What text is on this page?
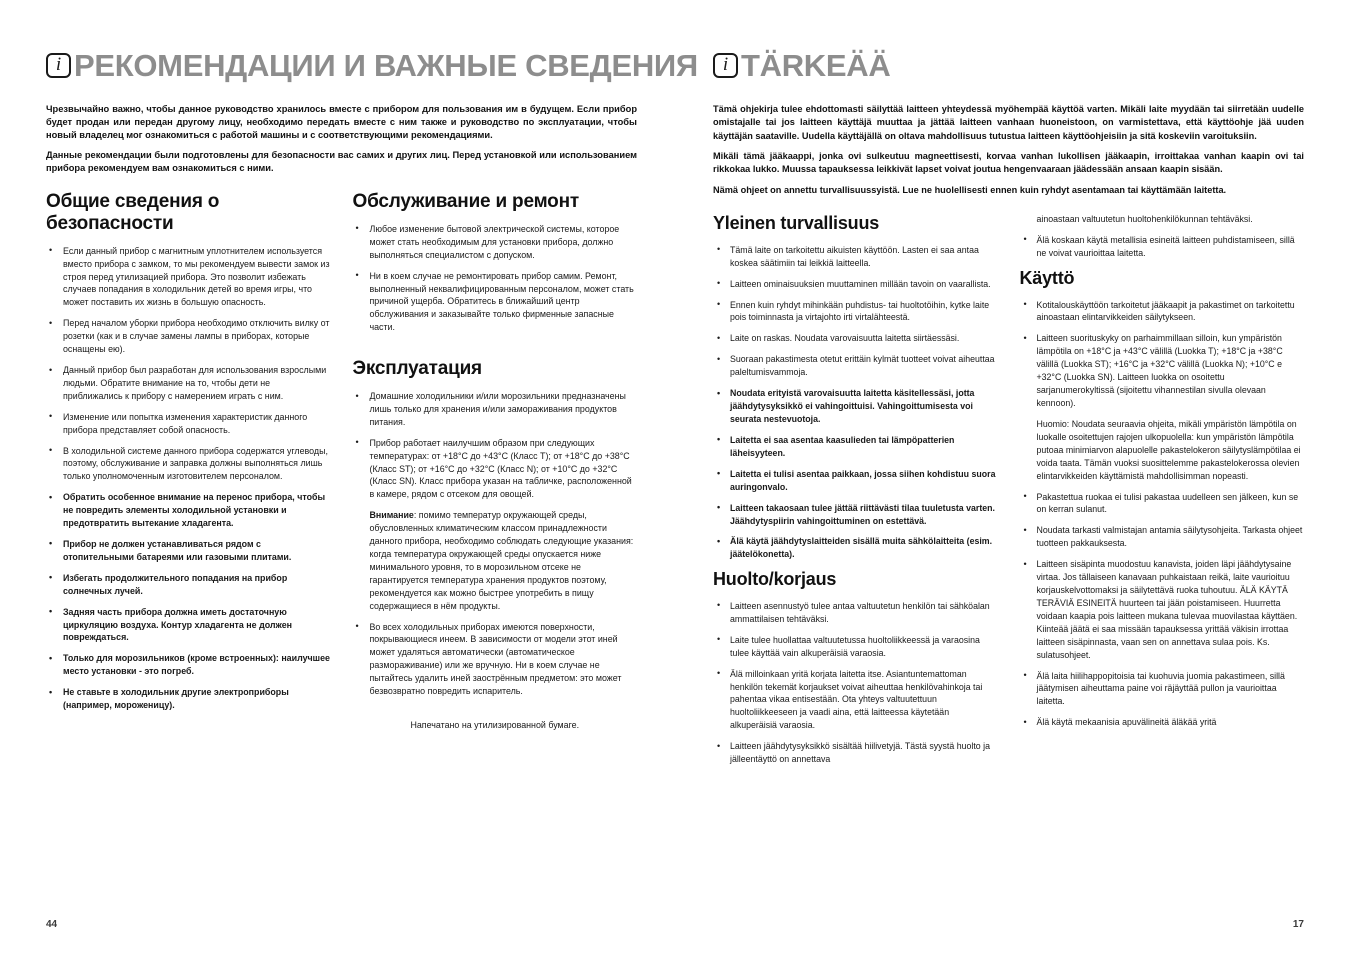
i РЕКОМЕНДАЦИИ И ВАЖНЫЕ СВЕДЕНИЯ
Чрезвычайно важно, чтобы данное руководство хранилось вместе с прибором для пользования им в будущем. Если прибор будет продан или передан другому лицу, необходимо передать вместе с ним также и руководство по эксплуатации, чтобы новый владелец мог ознакомиться с работой машины и с соответствующими рекомендациями.
Данные рекомендации были подготовлены для безопасности вас самих и других лиц. Перед установкой или использованием прибора рекомендуем вам ознакомиться с ними.
Общие сведения о безопасности
• Если данный прибор с магнитным уплотнителем используется вместо прибора с замком, то мы рекомендуем вывести замок из строя перед утилизацией прибора. Это позволит избежать случаев попадания в холодильник детей во время игры, что может поставить их жизнь в большую опасность.
• Перед началом уборки прибора необходимо отключить вилку от розетки (как и в случае замены лампы в приборах, которые оснащены ею).
• Данный прибор был разработан для использования взрослыми людьми. Обратите внимание на то, чтобы дети не приближались к прибору с намерением играть с ним.
• Изменение или попытка изменения характеристик данного прибора представляет собой опасность.
• В холодильной системе данного прибора содержатся углеводы, поэтому, обслуживание и заправка должны выполняться лишь только уполномоченным изготовителем персоналом.
• Обратить особенное внимание на перенос прибора, чтобы не повредить элементы холодильной установки и предотвратить вытекание хладагента.
• Прибор не должен устанавливаться рядом с отопительными батареями или газовыми плитами.
• Избегать продолжительного попадания на прибор солнечных лучей.
• Задняя часть прибора должна иметь достаточную циркуляцию воздуха. Контур хладагента не должен повреждаться.
• Только для морозильников (кроме встроенных): наилучшее место установки - это погреб.
• Не ставьте в холодильник другие электроприборы (например, мороженицу).
Обслуживание и ремонт
• Любое изменение бытовой электрической системы, которое может стать необходимым для установки прибора, должно выполняться специалистом с допуском.
• Ни в коем случае не ремонтировать прибор самим. Ремонт, выполненный неквалифицированным персоналом, может стать причиной ущерба. Обратитесь в ближайший центр обслуживания и заказывайте только фирменные запасные части.
Эксплуатация
• Домашние холодильники и/или морозильники предназначены лишь только для хранения и/или замораживания продуктов питания.
• Прибор работает наилучшим образом при следующих температурах: от +18°C до +43°C (Класс T); от +18°C до +38°C (Класс ST); от +16°C до +32°C (Класс N); от +10°C до +32°C (Класс SN). Класс прибора указан на табличке, расположенной в камере, рядом с отсеком для овощей.
Внимание: помимо температур окружающей среды, обусловленных климатическим классом принадлежности данного прибора, необходимо соблюдать следующие указания: когда температура окружающей среды опускается ниже минимального уровня, то в морозильном отсеке не гарантируется температура хранения продуктов поэтому, рекомендуется как можно быстрее употребить в пищу содержащиеся в нём продукты.
• Во всех холодильных приборах имеются поверхности, покрывающиеся инеем. В зависимости от модели этот иней может удаляться автоматически (автоматическое размораживание) или же вручную. Ни в коем случае не пытайтесь удалить иней заострённым предметом: это может безвозвратно повредить испаритель.
Напечатано на утилизированной бумаге.
44
i TÄRKEÄÄ
Tämä ohjekirja tulee ehdottomasti säilyttää laitteen yhteydessä myöhempää käyttöä varten. Mikäli laite myydään tai siirretään uudelle omistajalle tai jos laitteen käyttäjä muuttaa ja jättää laitteen vanhaan huoneistoon, on varmistettava, että käyttöohje jää uuden käyttäjän saataville. Uudella käyttäjällä on oltava mahdollisuus tutustua laitteen käyttöohjeisiin ja sitä koskeviin varoituksiin.
Mikäli tämä jääkaappi, jonka ovi sulkeutuu magneettisesti, korvaa vanhan lukollisen jääkaapin, irroittakaa vanhan kaapin ovi tai rikkokaa lukko. Muussa tapauksessa leikkivät lapset voivat joutua hengenvaaraan jäädessään ansaan kaapin sisään.
Nämä ohjeet on annettu turvallisuussyistä. Lue ne huolellisesti ennen kuin ryhdyt asentamaan tai käyttämään laitetta.
Yleinen turvallisuus
• Tämä laite on tarkoitettu aikuisten käyttöön. Lasten ei saa antaa koskea säätimiin tai leikkiä laitteella.
• Laitteen ominaisuuksien muuttaminen millään tavoin on vaarallista.
• Ennen kuin ryhdyt mihinkään puhdistus- tai huoltotöihin, kytke laite pois toiminnasta ja virtajohto irti virtalähteestä.
• Laite on raskas. Noudata varovaisuutta laitetta siirtäessäsi.
• Suoraan pakastimesta otetut erittäin kylmät tuotteet voivat aiheuttaa paleltumisvammoja.
• Noudata erityistä varovaisuutta laitetta käsitellessäsi, jotta jäähdytysyksikkö ei vahingoittuisi. Vahingoittumisesta voi seurata nestevuotoja.
• Laitetta ei saa asentaa kaasulieden tai lämpöpatterien läheisyyteen.
• Laitetta ei tulisi asentaa paikkaan, jossa siihen kohdistuu suora auringonvalo.
• Laitteen takaosaan tulee jättää riittävästi tilaa tuuletusta varten. Jäähdytyspiirin vahingoittuminen on estettävä.
• Älä käytä jäähdytyslaitteiden sisällä muita sähkölaitteita (esim. jäätelökonetta).
Huolto/korjaus
• Laitteen asennustyö tulee antaa valtuutetun henkilön tai sähköalan ammattilaisen tehtäväksi.
• Laite tulee huollattaa valtuutetussa huoltoliikkeessä ja varaosina tulee käyttää vain alkuperäisiä varaosia.
• Älä milloinkaan yritä korjata laitetta itse. Asiantuntemattoman henkilön tekemät korjaukset voivat aiheuttaa henkilövahinkoja tai pahentaa vikaa entisestään. Ota yhteys valtuutettuun huoltoliikkeeseen ja vaadi aina, että laitteessa käytetään alkuperäisiä varaosia.
• Laitteen jäähdytysyksikkö sisältää hiilivetyjä. Tästä syystä huolto ja jälleentäyttö on annettava
ainoastaan valtuutetun huoltohenkilökunnan tehtäväksi.
• Älä koskaan käytä metallisia esineitä laitteen puhdistamiseen, sillä ne voivat vaurioittaa laitetta.
Käyttö
• Kotitalouskäyttöön tarkoitetut jääkaapit ja pakastimet on tarkoitettu ainoastaan elintarvikkeiden säilytykseen.
• Laitteen suorituskyky on parhaimmillaan silloin, kun ympäristön lämpötila on +18°C ja +43°C välillä (Luokka T); +18°C ja +38°C välillä (Luokka ST); +16°C ja +32°C välillä (Luokka N); +10°C e +32°C (Luokka SN). Laitteen luokka on osoitettu sarjanumerokyltissä (sijoitettu vihannestilan sivulla olevaan kennoon).
Huomio: Noudata seuraavia ohjeita, mikäli ympäristön lämpötila on luokalle osoitettujen rajojen ulkopuolella: kun ympäristön lämpötila putoaa minimiarvon alapuolelle pakastelokeron säilytyslämpötilaa ei voida taata. Tämän vuoksi suosittelemme pakastelokerossa olevien elintarvikkeiden käyttämistä mahdollisimman nopeasti.
• Pakastettua ruokaa ei tulisi pakastaa uudelleen sen jälkeen, kun se on kerran sulanut.
• Noudata tarkasti valmistajan antamia säilytysohjeita. Tarkasta ohjeet tuotteen pakkauksesta.
• Laitteen sisäpinta muodostuu kanavista, joiden läpi jäähdytysaine virtaa. Jos tällaiseen kanavaan puhkaistaan reikä, laite vaurioituu korjauskelvottomaksi ja säilytettävä ruoka tuhoutuu. ÄLÄ KÄYTÄ TERÄVIÄ ESINEITÄ huurteen tai jään poistamiseen. Huurretta voidaan kaapia pois laitteen mukana tulevaa muovilastaa käyttäen. Kiinteää jäätä ei saa missään tapauksessa yrittää väkisin irrottaa laitteen sisäpinnasta, vaan sen on annettava sulaa pois. Ks. sulatusohjeet.
• Älä laita hiilihappopitoisia tai kuohuvia juomia pakastimeen, sillä jäätymisen aiheuttama paine voi räjäyttää pullon ja vaurioittaa laitetta.
• Älä käytä mekaanisia apuvälineitä äläkää yritä
17
